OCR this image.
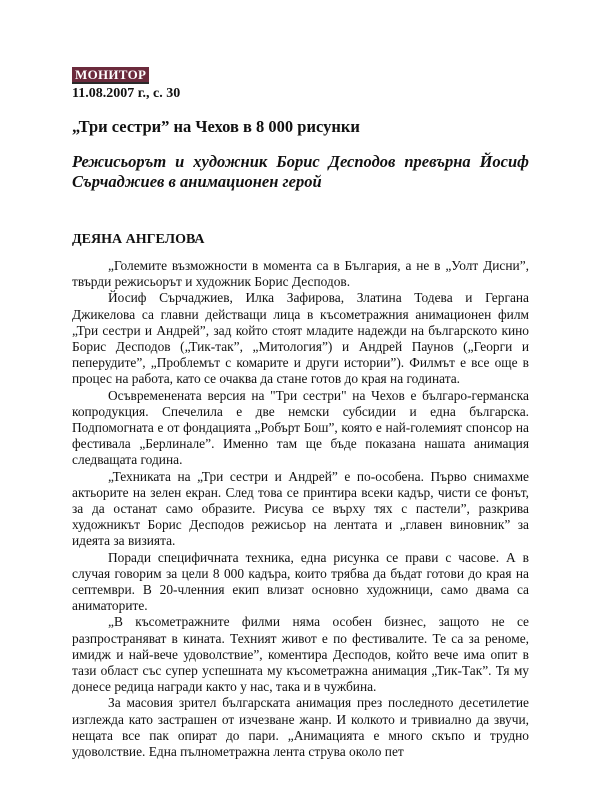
МОНИТОР
11.08.2007 г., с. 30
„Три сестри” на Чехов в 8 000 рисунки
Режисьорът и художник Борис Десподов превърна Йосиф Сърчаджиев в анимационен герой
ДЕЯНА АНГЕЛОВА

„Големите възможности в момента са в България, а не в „Уолт Дисни”, твърди режисьорът и художник Борис Десподов.

Йосиф Сърчаджиев, Илка Зафирова, Златина Тодева и Гергана Джикелова са главни действащи лица в късометражния анимационен филм „Три сестри и Андрей”, зад който стоят младите надежди на българското кино Борис Десподов („Тик-так”, „Митология”) и Андрей Паунов („Георги и пеперудите”, „Проблемът с комарите и други истории”). Филмът е все още в процес на работа, като се очаква да стане готов до края на годината.

Осъвременената версия на "Три сестри" на Чехов е българо-германска копродукция. Спечелила е две немски субсидии и една българска. Подпомогната е от фондацията „Робърт Бош”, която е най-големият спонсор на фестивала „Берлинале”. Именно там ще бъде показана нашата анимация следващата година.

„Техниката на „Три сестри и Андрей” е по-особена. Първо снимахме актьорите на зелен екран. След това се принтира всеки кадър, чисти се фонът, за да останат само образите. Рисува се върху тях с пастели”, разкрива художникът Борис Десподов режисьор на лентата и „главен виновник” за идеята за визията.

Поради специфичната техника, една рисунка се прави с часове. А в случая говорим за цели 8 000 кадъра, които трябва да бъдат готови до края на септември. В 20-членния екип влизат основно художници, само двама са аниматорите.

„В късометражните филми няма особен бизнес, защото не се разпространяват в кината. Техният живот е по фестивалите. Те са за реноме, имидж и най-вече удоволствие”, коментира Десподов, който вече има опит в тази област със супер успешната му късометражна анимация „Тик-Так”. Тя му донесе редица награди както у нас, така и в чужбина.

За масовия зрител българската анимация през последното десетилетие изглежда като застрашен от изчезване жанр. И колкото и тривиално да звучи, нещата все пак опират до пари. „Анимацията е много скъпо и трудно удоволствие. Една пълнометражна лента струва около пет
